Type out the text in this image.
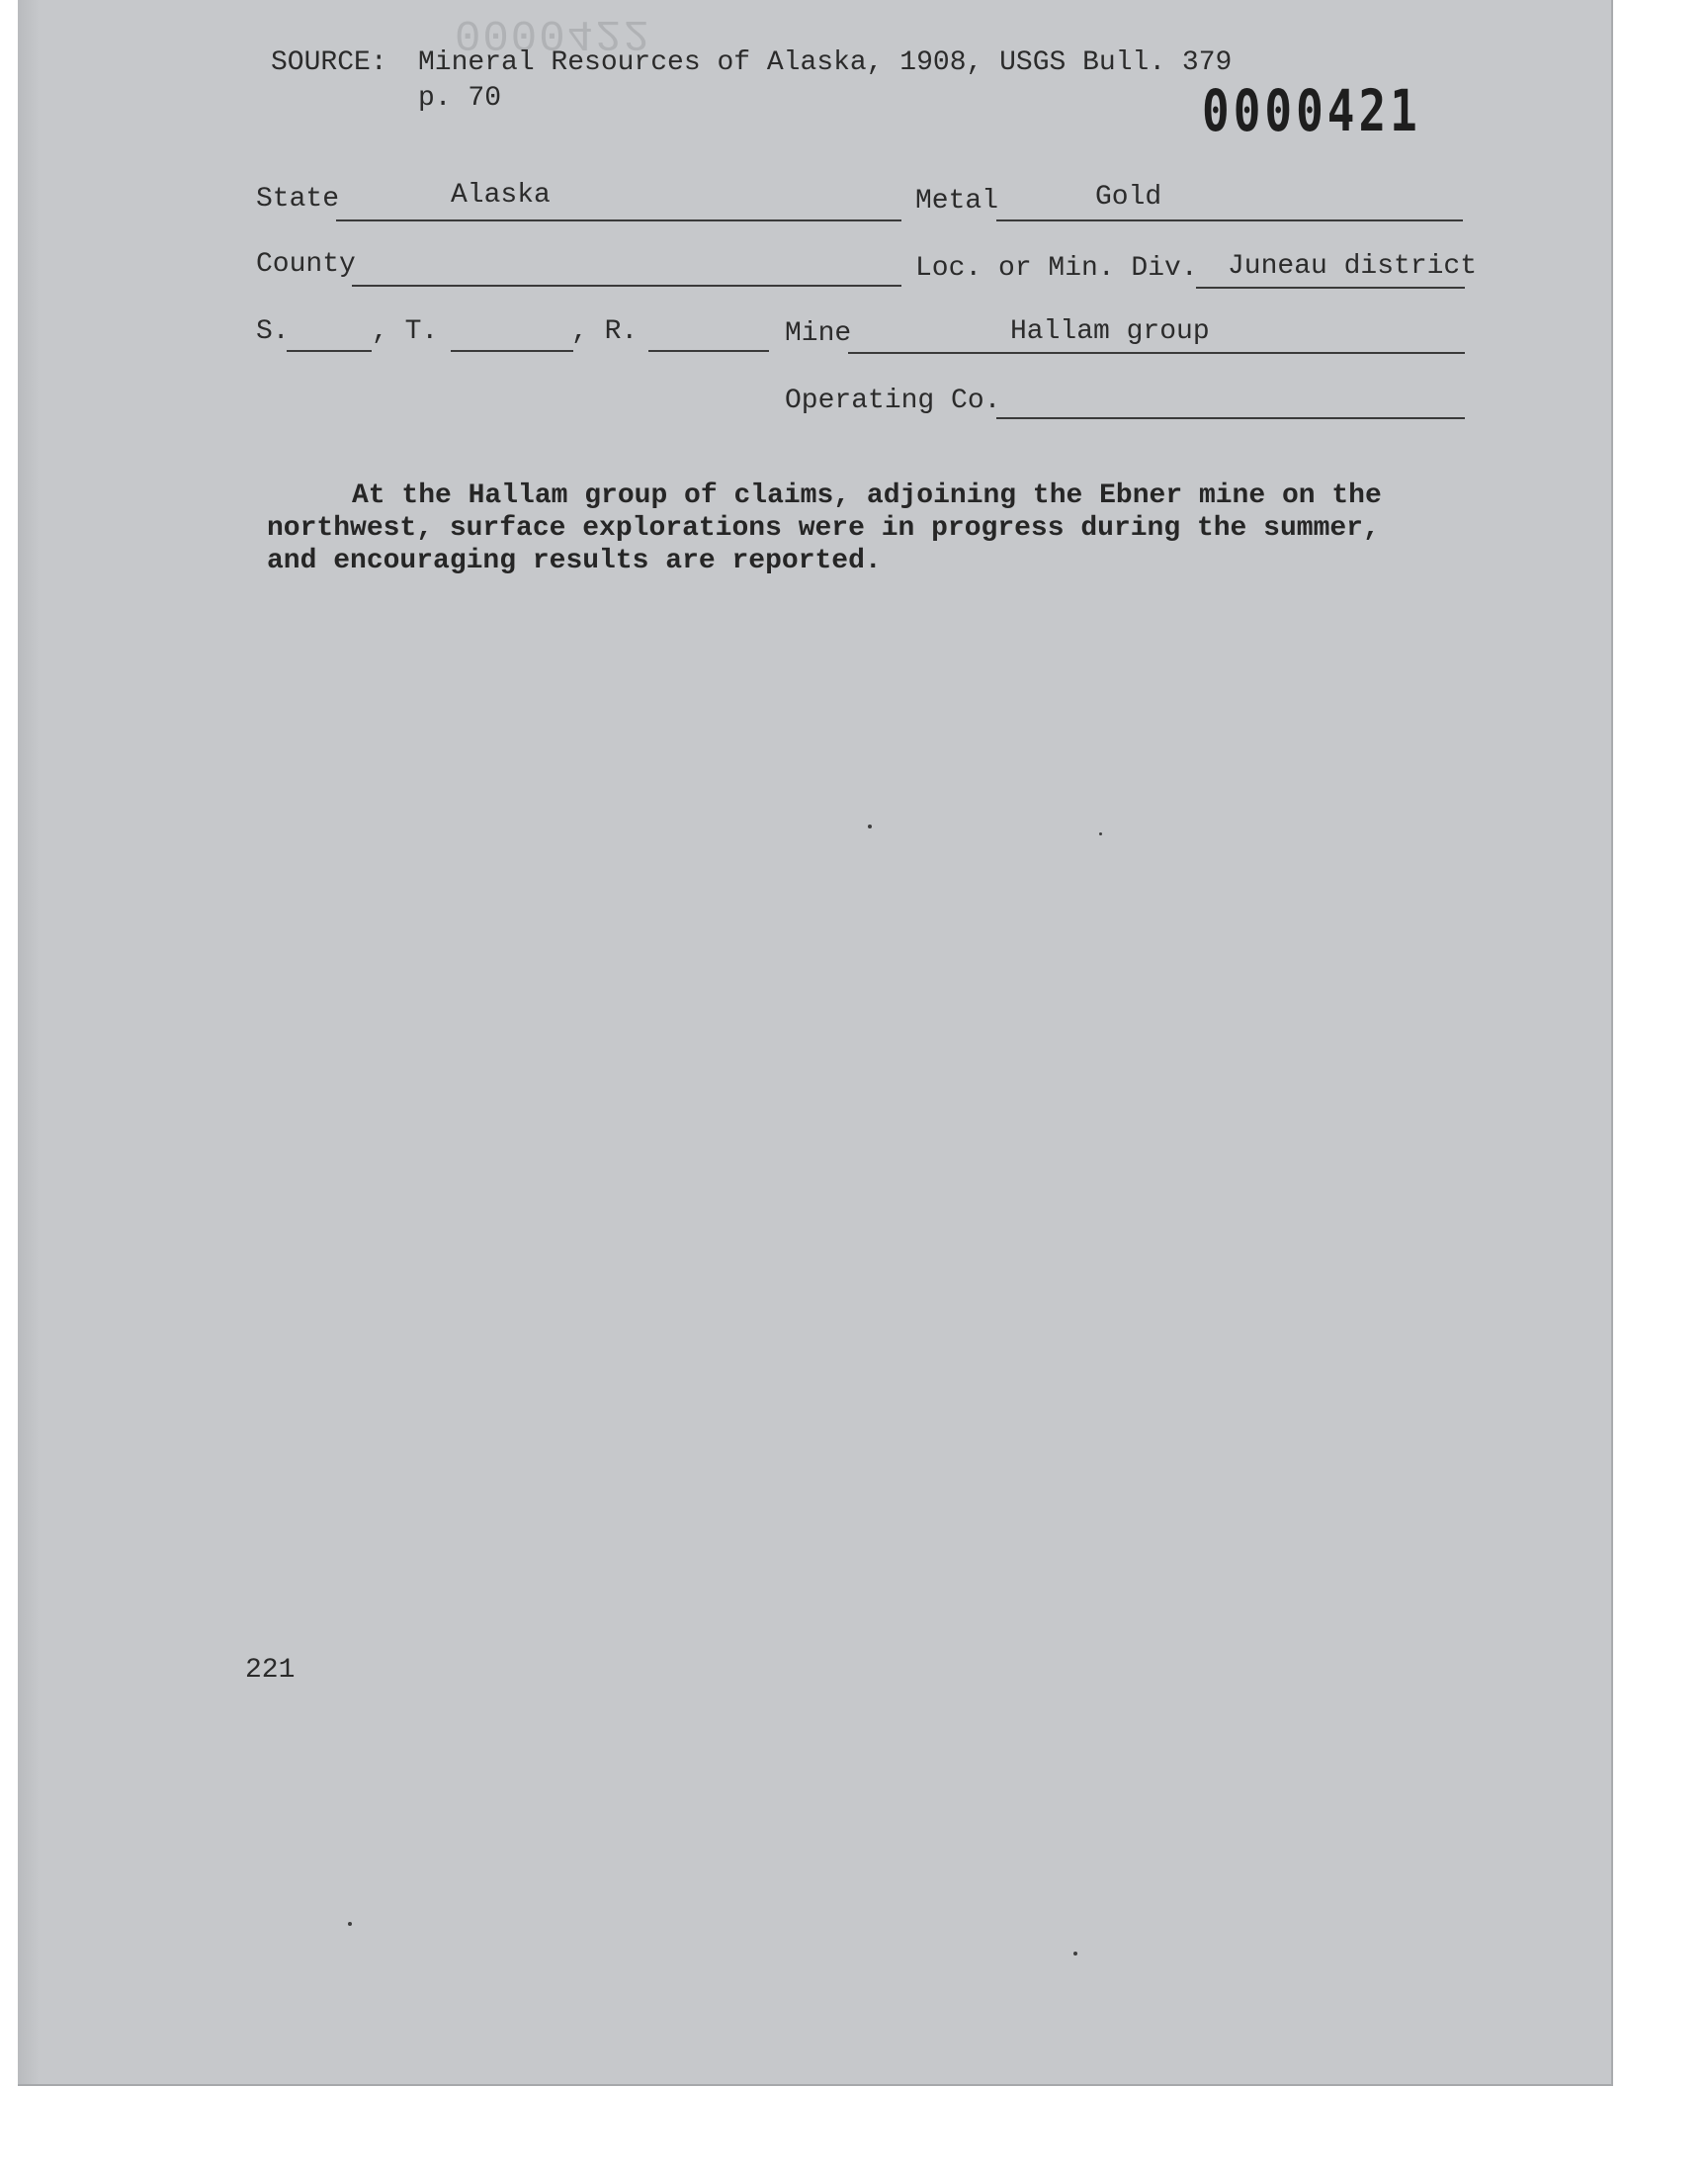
0000422
SOURCE: Mineral Resources of Alaska, 1908, USGS Bull. 379
p. 70	0000421
State	Alaska	Metal	Gold
County	Loc. or Min. Div. Juneau district
S.	, T.	, R.	Mine	Hallam group
Operating Co.
At the Hallam group of claims, adjoining the Ebner mine on the
northwest, surface explorations were in progress during the summer,
and encouraging results are reported.
221
